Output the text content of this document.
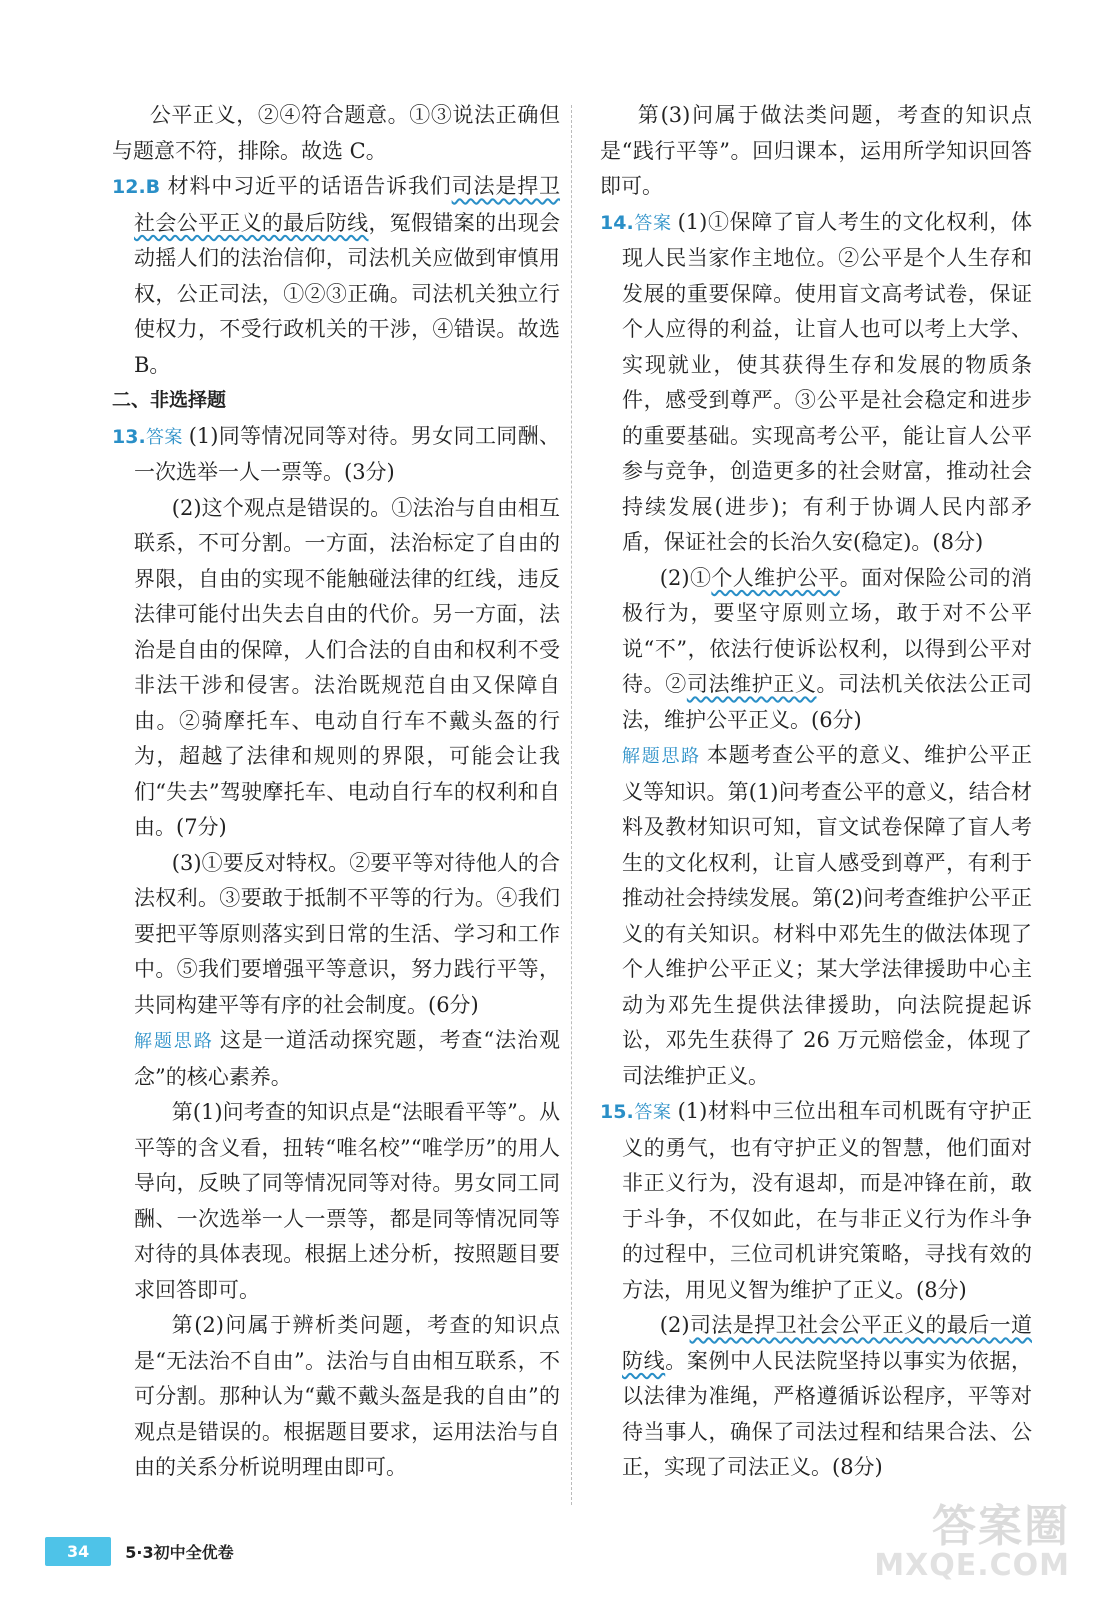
公平正义，②④符合题意。①③说法正确但与题意不符，排除。故选 C。

12.B 材料中习近平的话语告诉我们司法是捍卫社会公平正义的最后防线，冤假错案的出现会动摇人们的法治信仰，司法机关应做到审慎用权，公正司法，①②③正确。司法机关独立行使权力，不受行政机关的干涉，④错误。故选 B。

二、非选择题

13.答案 (1)同等情况同等对待。男女同工同酬、一次选举一人一票等。(3分)

(2)这个观点是错误的。①法治与自由相互联系，不可分割。一方面，法治标定了自由的界限，自由的实现不能触碰法律的红线，违反法律可能付出失去自由的代价。另一方面，法治是自由的保障，人们合法的自由和权利不受非法干涉和侵害。法治既规范自由又保障自由。②骑摩托车、电动自行车不戴头盔的行为，超越了法律和规则的界限，可能会让我们“失去”驾驶摩托车、电动自行车的权利和自由。(7分)

(3)①要反对特权。②要平等对待他人的合法权利。③要敢于抵制不平等的行为。④我们要把平等原则落实到日常的生活、学习和工作中。⑤我们要增强平等意识，努力践行平等，共同构建平等有序的社会制度。(6分)

解题思路 这是一道活动探究题，考查“法治观念”的核心素养。

第(1)问考查的知识点是“法眼看平等”。从平等的含义看，扭转“唯名校”“唯学历”的用人导向，反映了同等情况同等对待。男女同工同酬、一次选举一人一票等，都是同等情况同等对待的具体表现。根据上述分析，按照题目要求回答即可。

第(2)问属于辨析类问题，考查的知识点是“无法治不自由”。法治与自由相互联系，不可分割。那种认为“戴不戴头盔是我的自由”的观点是错误的。根据题目要求，运用法治与自由的关系分析说明理由即可。

第(3)问属于做法类问题，考查的知识点是“践行平等”。回归课本，运用所学知识回答即可。

14.答案 (1)①保障了盲人考生的文化权利，体现人民当家作主地位。②公平是个人生存和发展的重要保障。使用盲文高考试卷，保证个人应得的利益，让盲人也可以考上大学、实现就业，使其获得生存和发展的物质条件，感受到尊严。③公平是社会稳定和进步的重要基础。实现高考公平，能让盲人公平参与竞争，创造更多的社会财富，推动社会持续发展(进步)；有利于协调人民内部矛盾，保证社会的长治久安(稳定)。(8分)

(2)①个人维护公平。面对保险公司的消极行为，要坚守原则立场，敢于对不公平说“不”，依法行使诉讼权利，以得到公平对待。②司法维护正义。司法机关依法公正司法，维护公平正义。(6分)

解题思路 本题考查公平的意义、维护公平正义等知识。第(1)问考查公平的意义，结合材料及教材知识可知，盲文试卷保障了盲人考生的文化权利，让盲人感受到尊严，有利于推动社会持续发展。第(2)问考查维护公平正义的有关知识。材料中邓先生的做法体现了个人维护公平正义；某大学法律援助中心主动为邓先生提供法律援助，向法院提起诉讼，邓先生获得了 26 万元赔偿金，体现了司法维护正义。

15.答案 (1)材料中三位出租车司机既有守护正义的勇气，也有守护正义的智慧，他们面对非正义行为，没有退却，而是冲锋在前，敢于斗争，不仅如此，在与非正义行为作斗争的过程中，三位司机讲究策略，寻找有效的方法，用见义智为维护了正义。(8分)

(2)司法是捍卫社会公平正义的最后一道防线。案例中人民法院坚持以事实为依据，以法律为准绳，严格遵循诉讼程序，平等对待当事人，确保了司法过程和结果合法、公正，实现了司法正义。(8分)

34	5·3初中全优卷	答案圈
MXQE.COM
